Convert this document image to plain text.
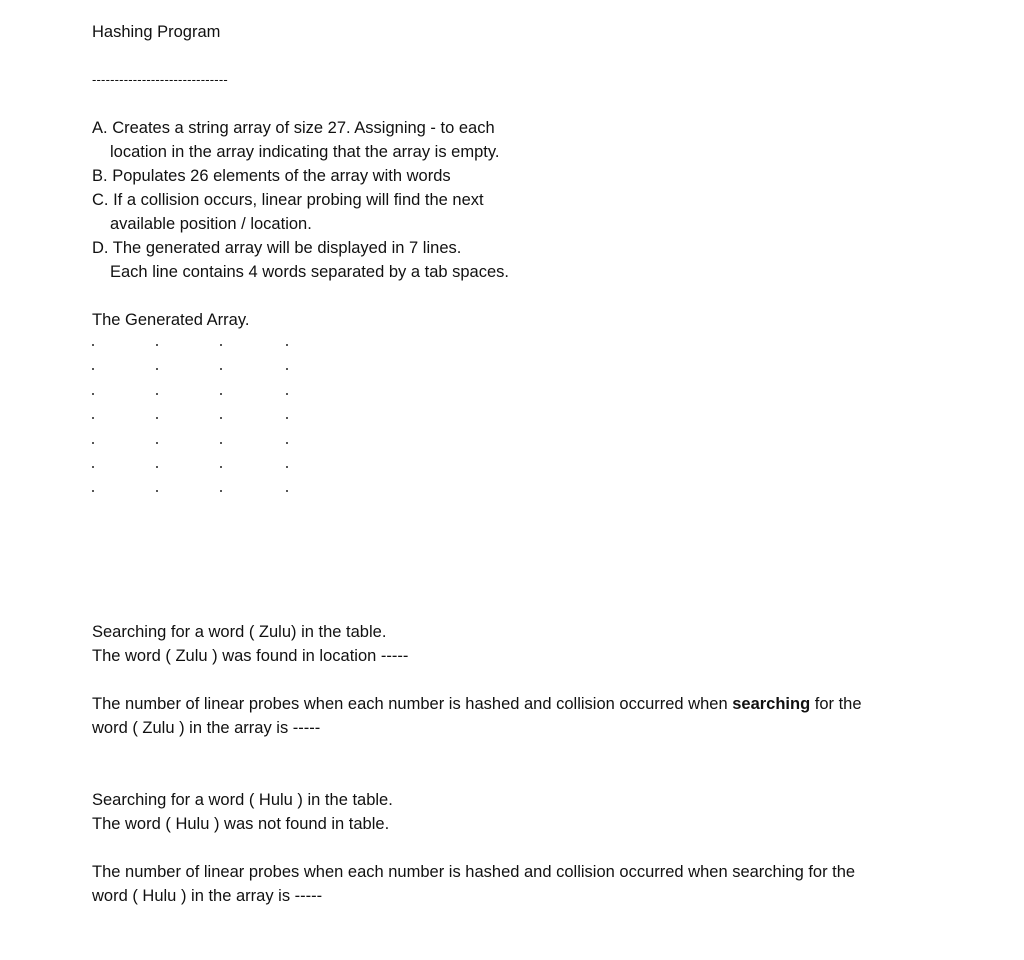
Hashing Program
------------------------------
A. Creates a string array of size 27. Assigning - to each
location in the array indicating that the array is empty.
B. Populates 26 elements of the array with words
C. If a collision occurs, linear probing will find the next
available position / location.
D. The generated array will be displayed in 7 lines.
Each line contains 4 words separated by a tab spaces.
The Generated Array.
Searching for a word ( Zulu) in the table.
The word ( Zulu ) was found in location -----
The number of linear probes when each number is hashed and collision occurred when searching for the
word ( Zulu ) in the array is -----
Searching for a word ( Hulu ) in the table.
The word ( Hulu ) was not found in table.
The number of linear probes when each number is hashed and collision occurred when searching for the
word ( Hulu ) in the array is -----
